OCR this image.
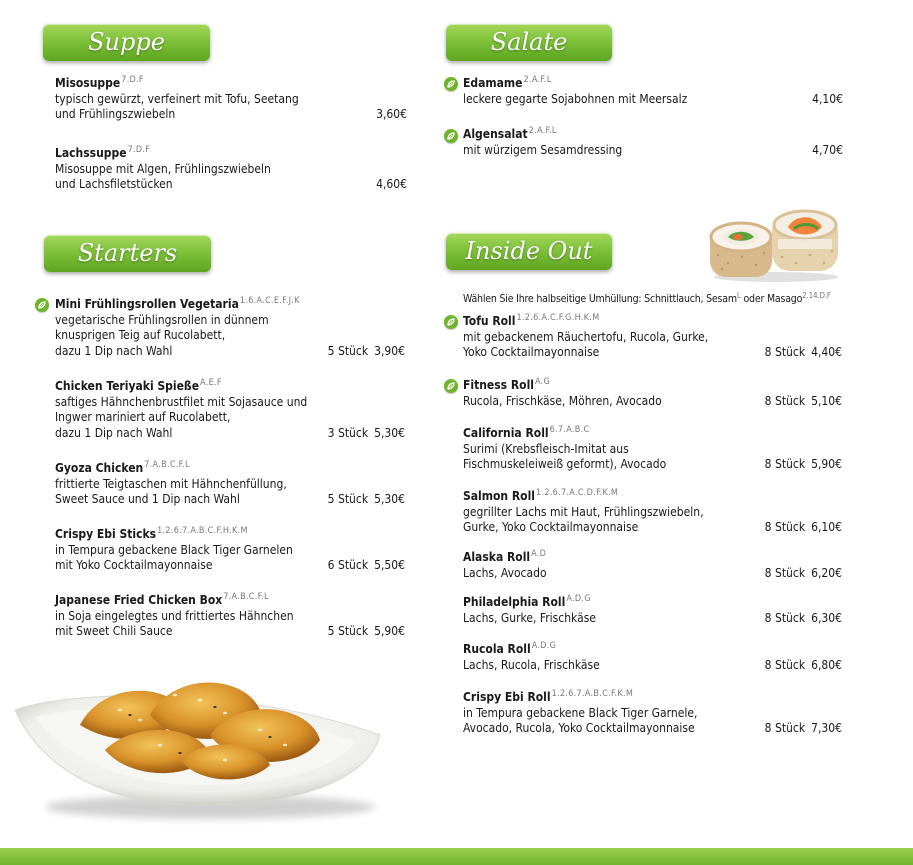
Suppe
Misosuppe$^{7.D.F}$
typisch gewürzt, verfeinert mit Tofu, Seetang
und Frühlingszwiebeln	3,60€
Lachssuppe$^{7.D.F}$
Misosuppe mit Algen, Frühlingszwiebeln
und Lachsfiletstücken	4,60€
Starters
Mini Frühlingsrollen Vegetaria$^{1.6.A.C.E.F.J.K}$
vegetarische Frühlingsrollen in dünnem
knusprigen Teig auf Rucolabett,
dazu 1 Dip nach Wahl	5 Stück 3,90€
Chicken Teriyaki Spieße$^{A.E.F}$
saftiges Hähnchenbrustfilet mit Sojasauce und
Ingwer mariniert auf Rucolabett,
dazu 1 Dip nach Wahl	3 Stück 5,30€
Gyoza Chicken$^{7.A.B.C.F.L}$
frittierte Teigtaschen mit Hähnchenfüllung,
Sweet Sauce und 1 Dip nach Wahl	5 Stück 5,30€
Crispy Ebi Sticks$^{1.2.6.7.A.B.C.F.H.K.M}$
in Tempura gebackene Black Tiger Garnelen
mit Yoko Cocktailmayonnaise	6 Stück 5,50€
Japanese Fried Chicken Box$^{7.A.B.C.F.L}$
in Soja eingelegtes und frittiertes Hähnchen
mit Sweet Chili Sauce	5 Stück 5,90€
Salate
Edamame$^{2.A.F.L}$
leckere gegarte Sojabohnen mit Meersalz	4,10€
Algensalat$^{2.A.F.L}$
mit würzigem Sesamdressing	4,70€
Inside Out
Wählen Sie Ihre halbseitige Umhüllung: Schnittlauch, Sesam$^L$ oder Masago$^{2.14.D.F}$
Tofu Roll$^{1.2.6.A.C.F.G.H.K.M}$
mit gebackenem Räuchertofu, Rucola, Gurke,
Yoko Cocktailmayonnaise	8 Stück 4,40€
Fitness Roll$^{A.G}$
Rucola, Frischkäse, Möhren, Avocado	8 Stück 5,10€
California Roll$^{6.7.A.B.C}$
Surimi (Krebsfleisch-Imitat aus
Fischmuskeleiweiß geformt), Avocado	8 Stück 5,90€
Salmon Roll$^{1.2.6.7.A.C.D.F.K.M}$
gegrillter Lachs mit Haut, Frühlingszwiebeln,
Gurke, Yoko Cocktailmayonnaise	8 Stück 6,10€
Alaska Roll$^{A.D}$
Lachs, Avocado	8 Stück 6,20€
Philadelphia Roll$^{A.D.G}$
Lachs, Gurke, Frischkäse	8 Stück 6,30€
Rucola Roll$^{A.D.G}$
Lachs, Rucola, Frischkäse	8 Stück 6,80€
Crispy Ebi Roll$^{1.2.6.7.A.B.C.F.K.M}$
in Tempura gebackene Black Tiger Garnele,
Avocado, Rucola, Yoko Cocktailmayonnaise	8 Stück 7,30€
